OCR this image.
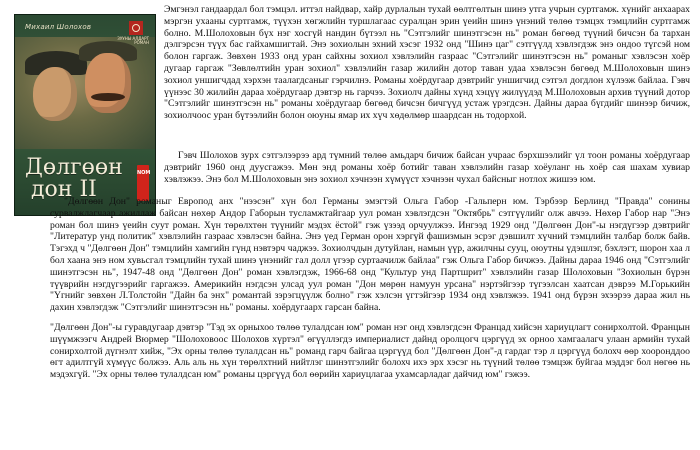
Михаил Шолохов
ЗУУНЫ АЛДАРТ
РОМАН
Дөлгөөн
дон II
NOM

Эмгэнэл гандаардал бол тэмцэл. иттэл найдвар, хайр дурлалын тухай өөлтгөлтын шинэ утга учрын суртгамж. хүнийг анхаарах мэргэн ухааны суртгамж, түүхэн хөгжлийн туршлагаас суралцан эрин үеийн шинэ үнэний төлөө тэмцэх тэмцлийн суртгамж болно. М.Шолоховын бүх нэг хосгүй нандин бүтээл нь "Сэтгэлийг шинэтгэсэн нь" роман бөгөөд түүний бичсэн ба тархан дэлгэрсэн түүх бас гайхамшигтай. Энэ зохиолын эхний хэсэг 1932 онд "Шинэ цаг" сэтгүүлд хэвлэгдэж энэ ондоо түгсэй ном болон гаргаж. Зөвхөн 1933 онд уран сайхны зохиол хэвлэлийн газраас "Сэтгэлийг шинэтгэсэн нь" романыг хэвлэсэн хоёр дугаар гаргаж "Зөвлөлтийн уран зохиол" хэвлэлийн газар жилийн дотор таван удаа хэвлэсэн бөгөөд М.Шолоховын шинэ зохиол уншигчдад хэрхэн таалагдсаныг гэрчилнэ. Романы хоёрдугаар дэвтрийг уншигчид сэтгэл догдлон хүлээж байлаа. Гэвч үүнээс 30 жилийн дараа хоёрдугаар дэвтэр нь гарчээ. Зохиолч дайны хүнд хэцүү жилүүдэд М.Шолоховын архив түүний дотор "Сэтгэлийг шинэтгэсэн нь" романы хоёрдугаар бөгөөд бичсэн бичгүүд устаж үрэгдсэн. Дайны дараа бүгдийг шинээр бичиж, зохиолчоос уран бүтээлийн болон оюуны ямар их хүч хөдөлмөр шаардсан нь тодорхой.

Гэвч Шолохов зурх сэтгэлээрээ ард түмний төлөө амьдарч бичиж байсан учраас бэрхшээлийг үл тоон романы хоёрдугаар дэвтрийг 1960 онд дуусгажээ. Мөн энд романы хоёр ботийг таван хэвлэлийн газар хоёуланг нь хоёр сая шахам хувиар хэвлэжээ. Энэ бол М.Шолоховын энэ зохиол хэчнээн хүмүүст хэчнээн чухал байсныг нотлох жишээ юм.

"Дөлгөөн Дон" романыг Европод анх "нээсэн" хүн бол Германы эмэгтэй Ольга Габор -Гальперн юм. Тэрбээр Берлинд "Правда" сонины сурвалжлагчаар ажиллаж байсан нөхөр Андор Габорын тусламжтайгаар уул роман хэвлэгдсэн "Октябрь" сэтгүүлийг олж авчээ. Нөхөр Габор нар "Энэ роман бол шинэ үеийн суут роман. Хүн төрөлхтөн түүнийг мэдэх ёстой" гэж үзээд орчуулжээ. Ингээд 1929 онд "Дөлгөөн Дон"-ы нэгдүгээр дэвтрийг "Литератур унд политик" хэвлэлийн газраас хэвлэсэн байна. Энэ үед Герман орон хэргүй фашизмын эсрэг дэвшилт хүчний тэмцлийн талбар болж байв. Тэгэхд ч "Дөлгөөн Дон" тэмцлийн хамгийн гүнд нэвтэрч чаджээ. Зохиолчдын дутуйлан, намын үүр, ажилчны сууц, оюутны үдэшлэг, бэхлэгт, шорон хаа л бол хаана энэ ном хувьсгал тэмцлийн тухай шинэ үнэнийг гал долл үгээр суртаачилж байлаа" гэж Ольга Габор бичжээ. Дайны дараа 1946 онд "Сэтгэлийг шинэтгэсэн нь", 1947-48 онд "Дөлгөөн Дон" роман хэвлэгдэж, 1966-68 онд "Культур унд Партшрит" хэвлэлийн газар Шолоховын "Зохиолын бүрэн түүврийн нэгдүгээрийг гаргажээ. Америкийн нэгдсэн улсад уул роман "Дон мөрөн намуун урсана" нэртэйгээр түгээлсан хаатсан дэврээ М.Горькийн "Үгнийг зөвхөн Л.Толстойн "Дайн ба энх" романтай зэрэгцүүлж болно" гэж хэлсэн үгтэйгээр 1934 онд хэвлэжээ. 1941 онд бүрэн эхээрээ дараа жил нь дахин хэвлэгдэж "Сэтгэлийг шинэтгэсэн нь" романы. хоёрдугаарх гарсан байна.

"Дөлгөөн Дон"-ы гуравдугаар дэвтэр "Тэд эх орныхоо төлөө тулалдсан юм" роман нэг онд хэвлэгдсэн Францад хийсэн хариуцлагт сонирхолтой. Францын шүүмжээгч Андрей Вюрмер "Шолоховоос Шолохов хүртэл" өгүүллэгдэ империалист дайнд оролцогч цэргүүд эх орноо хамгаалагч улаан армийн тухай сонирхолтой дүгнэлт хийж, "Эх орны төлөө тулалдсан нь" романд гарч байгаа цэргүүд бол "Дөлгөөн Дон"-д гардаг тэр л цэргүүд болохч өөр хооронддоо өгт адилтгүй хүмүүс болжээ. Аль аль нь хүн төрөлхтний нийтлэг шинэтгэлийг болохч ихэ эрх хэсэг нь түүний төлөө тэмцэж буйгаа мэддэг бол нөгөө нь мэдэхгүй. "Эх орны төлөө тулалдсан юм" романы цэргүүд бол өөрийн хариуцлагаа ухамсарладаг дайчид юм" гэжээ.
